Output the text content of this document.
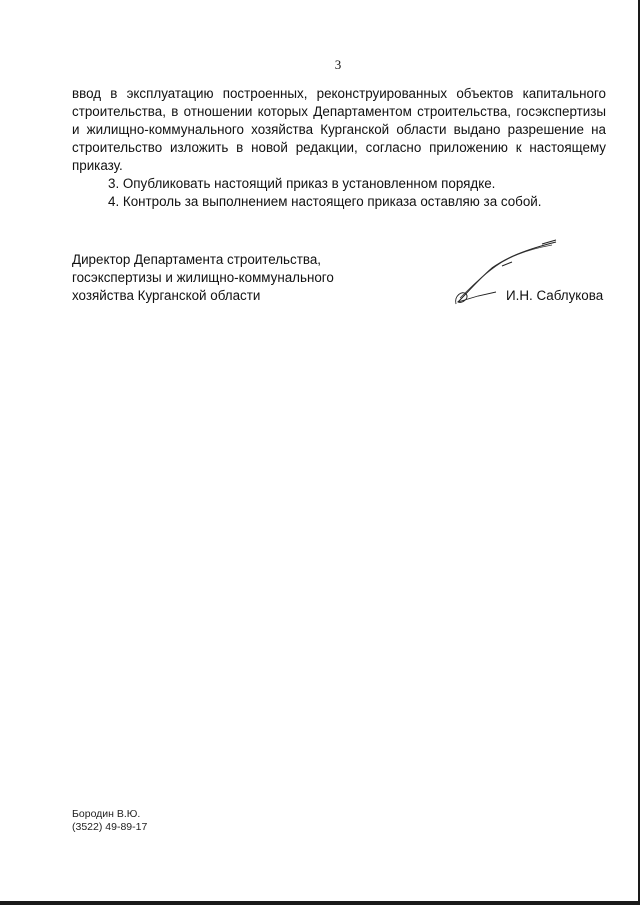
3

ввод в эксплуатацию построенных, реконструированных объектов капитального строительства, в отношении которых Департаментом строительства, госэкспертизы и жилищно-коммунального хозяйства Курганской области выдано разрешение на строительство изложить в новой редакции, согласно приложению к настоящему приказу.

3. Опубликовать настоящий приказ в установленном порядке.

4. Контроль за выполнением настоящего приказа оставляю за собой.

Директор Департамента строительства,
госэкспертизы и жилищно-коммунального
хозяйства Курганской области	И.Н. Саблукова
Бородин В.Ю.
(3522) 49-89-17
